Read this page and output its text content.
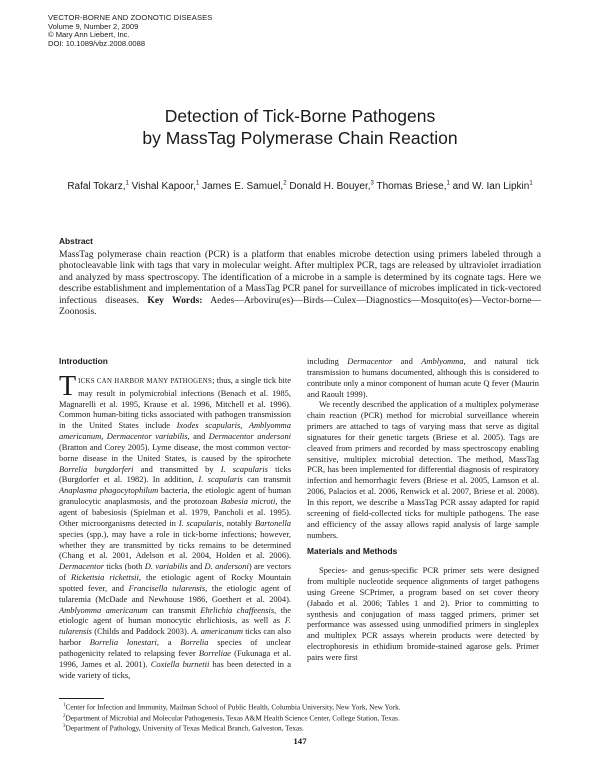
VECTOR-BORNE AND ZOONOTIC DISEASES
Volume 9, Number 2, 2009
© Mary Ann Liebert, Inc.
DOI: 10.1089/vbz.2008.0088
Detection of Tick-Borne Pathogens
by MassTag Polymerase Chain Reaction
Rafal Tokarz,$^1$ Vishal Kapoor,$^1$ James E. Samuel,$^2$ Donald H. Bouyer,$^3$ Thomas Briese,$^1$ and W. Ian Lipkin$^1$
Abstract
MassTag polymerase chain reaction (PCR) is a platform that enables microbe detection using primers labeled through a photocleavable link with tags that vary in molecular weight. After multiplex PCR, tags are released by ultraviolet irradiation and analyzed by mass spectroscopy. The identification of a microbe in a sample is determined by its cognate tags. Here we describe establishment and implementation of a MassTag PCR panel for surveillance of microbes implicated in tick-vectored infectious diseases. Key Words: Aedes—Arboviru(es)—Birds—Culex—Diagnostics—Mosquito(es)—Vector-borne—Zoonosis.
Introduction

TICKS CAN HARBOR MANY PATHOGENS; thus, a single tick bite may result in polymicrobial infections (Benach et al. 1985, Magnarelli et al. 1995, Krause et al. 1996, Mitchell et al. 1996). Common human-biting ticks associated with pathogen transmission in the United States include Ixodes scapularis, Amblyomma americanum, Dermacentor variabilis, and Dermacentor andersoni (Bratton and Corey 2005). Lyme disease, the most common vector-borne disease in the United States, is caused by the spirochete Borrelia burgdorferi and transmitted by I. scapularis ticks (Burgdorfer et al. 1982). In addition, I. scapularis can transmit Anaplasma phagocytophilum bacteria, the etiologic agent of human granulocytic anaplasmosis, and the protozoan Babesia microti, the agent of babesiosis (Spielman et al. 1979, Pancholi et al. 1995). Other microorganisms detected in I. scapularis, notably Bartonella species (spp.), may have a role in tick-borne infections; however, whether they are transmitted by ticks remains to be determined (Chang et al. 2001, Adelson et al. 2004, Holden et al. 2006). Dermacentor ticks (both D. variabilis and D. andersoni) are vectors of Rickettsia rickettsii, the etiologic agent of Rocky Mountain spotted fever, and Francisella tularensis, the etiologic agent of tularemia (McDade and Newhouse 1986, Goethert et al. 2004). Amblyomma americanum can transmit Ehrlichia chaffeensis, the etiologic agent of human monocytic ehrlichiosis, as well as F. tularensis (Childs and Paddock 2003). A. americanum ticks can also harbor Borrelia lonestari, a Borrelia species of unclear pathogenicity related to relapsing fever Borreliae (Fukunaga et al. 1996, James et al. 2001). Coxiella burnetii has been detected in a wide variety of ticks,

including Dermacentor and Amblyomma, and natural tick transmission to humans documented, although this is considered to contribute only a minor component of human acute Q fever (Maurin and Raoult 1999).

We recently described the application of a multiplex polymerase chain reaction (PCR) method for microbial surveillance wherein primers are attached to tags of varying mass that serve as digital signatures for their genetic targets (Briese et al. 2005). Tags are cleaved from primers and recorded by mass spectroscopy enabling sensitive, multiplex microbial detection. The method, MassTag PCR, has been implemented for differential diagnosis of respiratory infection and hemorrhagic fevers (Briese et al. 2005, Lamson et al. 2006, Palacios et al. 2006, Renwick et al. 2007, Briese et al. 2008). In this report, we describe a MassTag PCR assay adapted for rapid screening of field-collected ticks for multiple pathogens. The ease and efficiency of the assay allows rapid analysis of large sample numbers.

Materials and Methods

Species- and genus-specific PCR primer sets were designed from multiple nucleotide sequence alignments of target pathogens using Greene SCPrimer, a program based on set cover theory (Jabado et al. 2006; Tables 1 and 2). Prior to committing to synthesis and conjugation of mass tagged primers, primer set performance was assessed using unmodified primers in singleplex and multiplex PCR assays wherein products were detected by electrophoresis in ethidium bromide-stained agarose gels. Primer pairs were first

$^1$Center for Infection and Immunity, Mailman School of Public Health, Columbia University, New York, New York.
$^2$Department of Microbial and Molecular Pathogenesis, Texas A&M Health Science Center, College Station, Texas.
$^3$Department of Pathology, University of Texas Medical Branch, Galveston, Texas.
147
